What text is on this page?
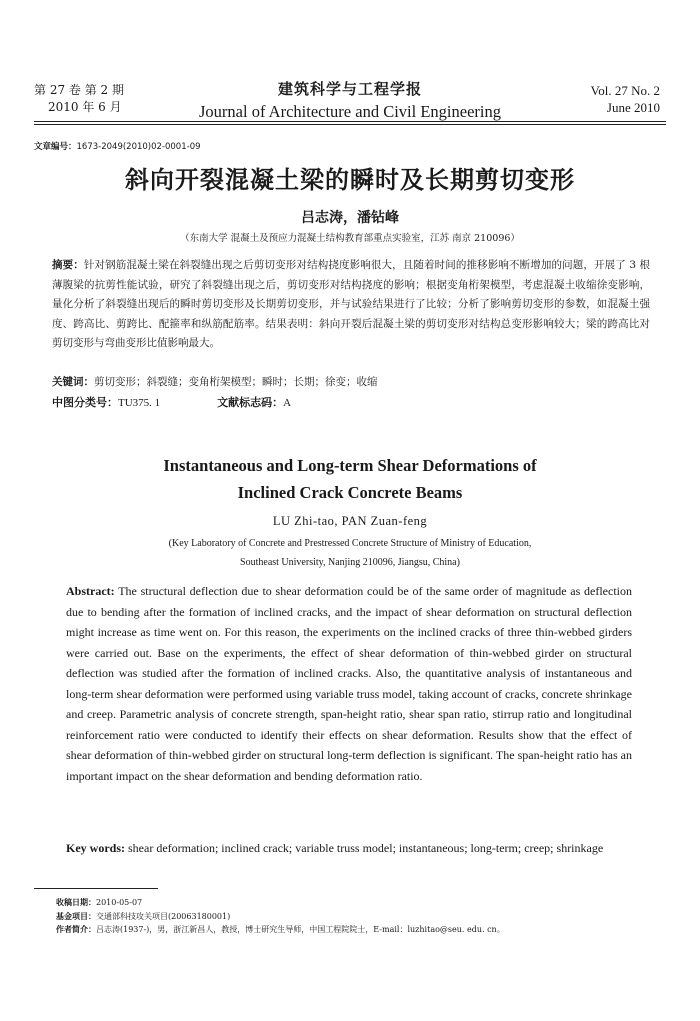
第 27 卷 第 2 期
2010 年 6 月
建筑科学与工程学报
Journal of Architecture and Civil Engineering
Vol. 27 No. 2
June 2010
文章编号：1673-2049(2010)02-0001-09
斜向开裂混凝土梁的瞬时及长期剪切变形
吕志涛，潘钻峰
（东南大学 混凝土及预应力混凝土结构教育部重点实验室，江苏 南京 210096）
摘要：针对钢筋混凝土梁在斜裂缝出现之后剪切变形对结构挠度影响很大，且随着时间的推移影响不断增加的问题，开展了 3 根薄腹梁的抗剪性能试验，研究了斜裂缝出现之后，剪切变形对结构挠度的影响；根据变角桁架模型，考虑混凝土收缩徐变影响，量化分析了斜裂缝出现后的瞬时剪切变形及长期剪切变形，并与试验结果进行了比较；分析了影响剪切变形的参数，如混凝土强度、跨高比、剪跨比、配箍率和纵筋配筋率。结果表明：斜向开裂后混凝土梁的剪切变形对结构总变形影响较大；梁的跨高比对剪切变形与弯曲变形比值影响最大。
关键词：剪切变形；斜裂缝；变角桁架模型；瞬时；长期；徐变；收缩
中图分类号：TU375. 1	文献标志码：A
Instantaneous and Long-term Shear Deformations of
Inclined Crack Concrete Beams
LU Zhi-tao, PAN Zuan-feng
(Key Laboratory of Concrete and Prestressed Concrete Structure of Ministry of Education,
Southeast University, Nanjing 210096, Jiangsu, China)
Abstract: The structural deflection due to shear deformation could be of the same order of magnitude as deflection due to bending after the formation of inclined cracks, and the impact of shear deformation on structural deflection might increase as time went on. For this reason, the experiments on the inclined cracks of three thin-webbed girders were carried out. Base on the experiments, the effect of shear deformation of thin-webbed girder on structural deflection was studied after the formation of inclined cracks. Also, the quantitative analysis of instantaneous and long-term shear deformation were performed using variable truss model, taking account of cracks, concrete shrinkage and creep. Parametric analysis of concrete strength, span-height ratio, shear span ratio, stirrup ratio and longitudinal reinforcement ratio were conducted to identify their effects on shear deformation. Results show that the effect of shear deformation of thin-webbed girder on structural long-term deflection is significant. The span-height ratio has an important impact on the shear deformation and bending deformation ratio.
Key words: shear deformation; inclined crack; variable truss model; instantaneous; long-term; creep; shrinkage
收稿日期：2010-05-07
基金项目：交通部科技攻关项目(20063180001)
作者简介：吕志涛(1937-)，男，浙江新昌人，教授，博士研究生导师，中国工程院院士，E-mail：luzhitao@seu. edu. cn。
